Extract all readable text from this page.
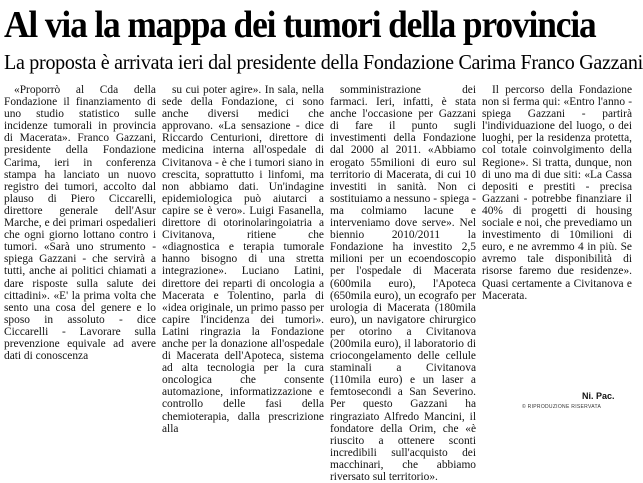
Al via la mappa dei tumori della provincia
La proposta è arrivata ieri dal presidente della Fondazione Carima Franco Gazzani

«Proporrò al Cda della Fondazione il finanziamento di uno studio statistico sulle incidenze tumorali in provincia di Macerata». Franco Gazzani, presidente della Fondazione Carima, ieri in conferenza stampa ha lanciato un nuovo registro dei tumori, accolto dal plauso di Piero Ciccarelli, direttore generale dell'Asur Marche, e dei primari ospedalieri che ogni giorno lottano contro i tumori. «Sarà uno strumento - spiega Gazzani - che servirà a tutti, anche ai politici chiamati a dare risposte sulla salute dei cittadini». «E' la prima volta che sento una cosa del genere e lo sposo in assoluto - dice Ciccarelli - Lavorare sulla prevenzione equivale ad avere dati di conoscenza

su cui poter agire». In sala, nella sede della Fondazione, ci sono anche diversi medici che approvano. «La sensazione - dice Riccardo Centurioni, direttore di medicina interna all'ospedale di Civitanova - è che i tumori siano in crescita, soprattutto i linfomi, ma non abbiamo dati. Un'indagine epidemiologica può aiutarci a capire se è vero». Luigi Fasanella, direttore di otorinolaringoiatria a Civitanova, ritiene che «diagnostica e terapia tumorale hanno bisogno di una stretta integrazione». Luciano Latini, direttore dei reparti di oncologia a Macerata e Tolentino, parla di «idea originale, un primo passo per capire l'incidenza dei tumori». Latini ringrazia la Fondazione anche per la donazione all'ospedale di Macerata dell'Apoteca, sistema ad alta tecnologia per la cura oncologica che consente automazione, informatizzazione e controllo delle fasi della chemioterapia, dalla prescrizione alla

somministrazione dei farmaci. Ieri, infatti, è stata anche l'occasione per Gazzani di fare il punto sugli investimenti della Fondazione dal 2000 al 2011. «Abbiamo erogato 55milioni di euro sul territorio di Macerata, di cui 10 investiti in sanità. Non ci sostituiamo a nessuno - spiega - ma colmiamo lacune e interveniamo dove serve». Nel biennio 2010/2011 la Fondazione ha investito 2,5 milioni per un ecoendoscopio per l'ospedale di Macerata (600mila euro), l'Apoteca (650mila euro), un ecografo per urologia di Macerata (180mila euro), un navigatore chirurgico per otorino a Civitanova (200mila euro), il laboratorio di criocongelamento delle cellule staminali a Civitanova (110mila euro) e un laser a femtosecondi a San Severino. Per questo Gazzani ha ringraziato Alfredo Mancini, il fondatore della Orim, che «è riuscito a ottenere sconti incredibili sull'acquisto dei macchinari, che abbiamo riversato sul territorio».

Il percorso della Fondazione non si ferma qui: «Entro l'anno - spiega Gazzani - partirà l'individuazione del luogo, o dei luoghi, per la residenza protetta, col totale coinvolgimento della Regione». Si tratta, dunque, non di uno ma di due siti: «La Cassa depositi e prestiti - precisa Gazzani - potrebbe finanziare il 40% di progetti di housing sociale e noi, che prevediamo un investimento di 10milioni di euro, e ne avremmo 4 in più. Se avremo tale disponibilità di risorse faremo due residenze». Quasi certamente a Civitanova e Macerata.

Ni. Pac.
© RIPRODUZIONE RISERVATA
